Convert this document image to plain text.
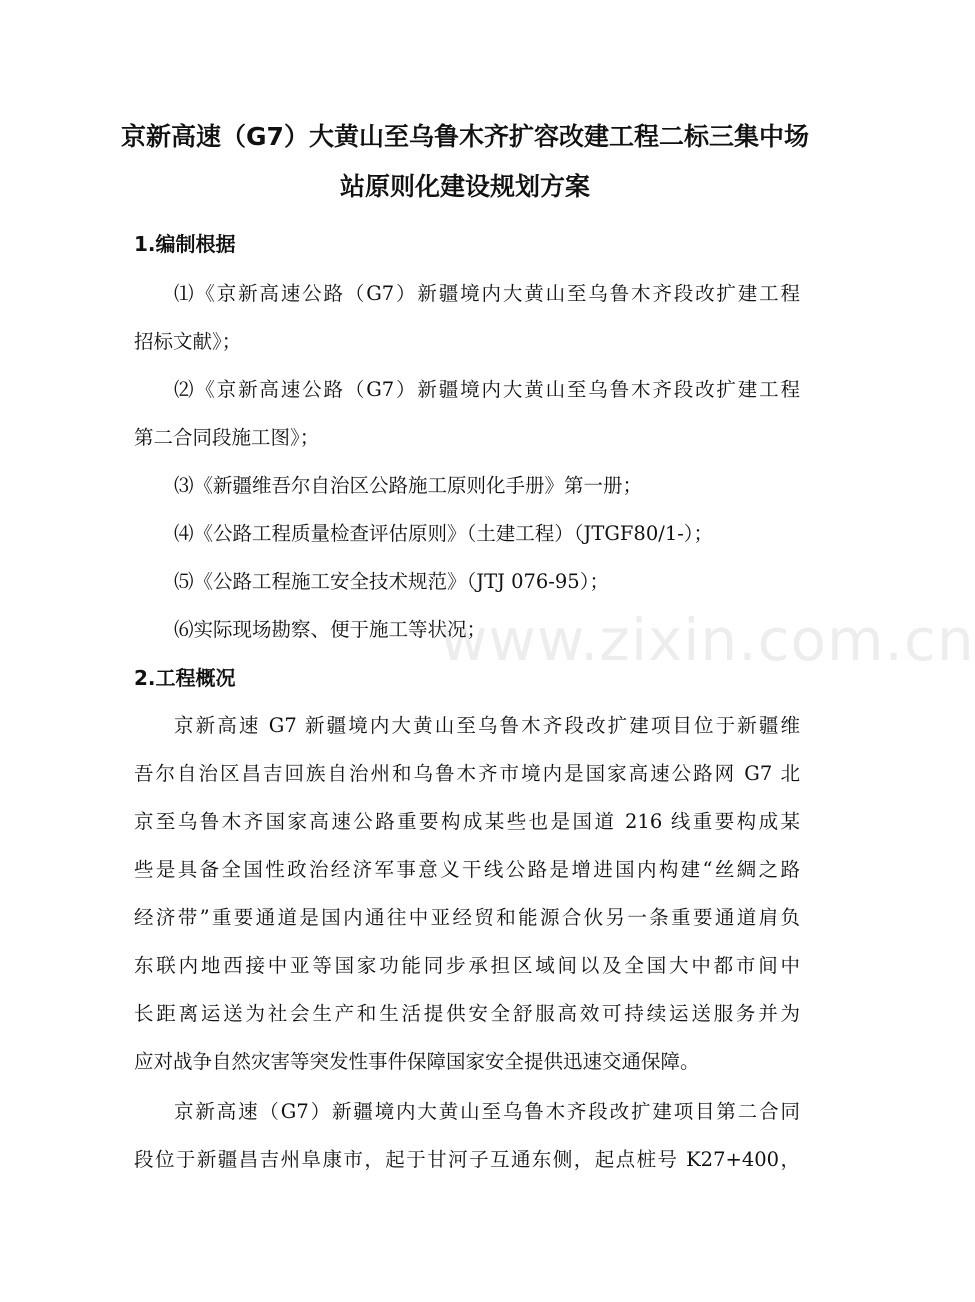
www.zixin.com.cn
京新高速（G7）大黄山至乌鲁木齐扩容改建工程二标三集中场
站原则化建设规划方案
1.编制根据
⑴《京新高速公路（G7）新疆境内大黄山至乌鲁木齐段改扩建工程
招标文献》；
⑵《京新高速公路（G7）新疆境内大黄山至乌鲁木齐段改扩建工程
第二合同段施工图》；
⑶《新疆维吾尔自治区公路施工原则化手册》第一册；
⑷《公路工程质量检查评估原则》（土建工程）（JTGF80/1-）；
⑸《公路工程施工安全技术规范》（JTJ 076-95）；
⑹实际现场勘察、便于施工等状况；
2.工程概况
京新高速 G7 新疆境内大黄山至乌鲁木齐段改扩建项目位于新疆维
吾尔自治区昌吉回族自治州和乌鲁木齐市境内是国家高速公路网 G7 北
京至乌鲁木齐国家高速公路重要构成某些也是国道 216 线重要构成某
些是具备全国性政治经济军事意义干线公路是增进国内构建“丝綢之路
经济带”重要通道是国内通往中亚经贸和能源合伙另一条重要通道肩负
东联内地西接中亚等国家功能同步承担区域间以及全国大中都市间中
长距离运送为社会生产和生活提供安全舒服高效可持续运送服务并为
应对战争自然灾害等突发性事件保障国家安全提供迅速交通保障。
京新高速（G7）新疆境内大黄山至乌鲁木齐段改扩建项目第二合同
段位于新疆昌吉州阜康市，起于甘河子互通东侧，起点桩号 K27+400，
